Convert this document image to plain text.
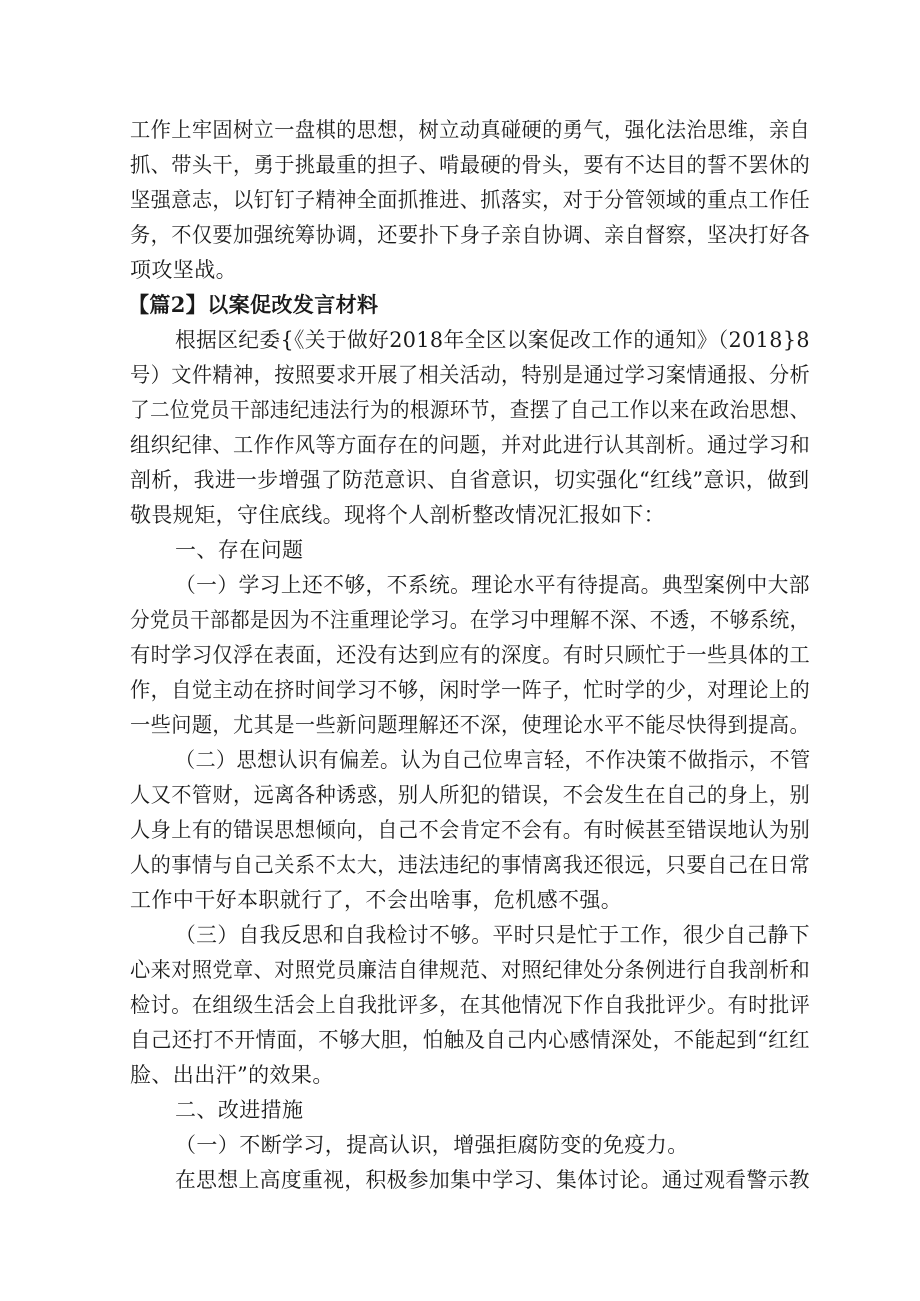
工作上牢固树立一盘棋的思想，树立动真碰硬的勇气，强化法治思维，亲自
抓、带头干，勇于挑最重的担子、啃最硬的骨头，要有不达目的誓不罢休的
坚强意志，以钉钉子精神全面抓推进、抓落实，对于分管领域的重点工作任
务，不仅要加强统筹协调，还要扑下身子亲自协调、亲自督察，坚决打好各
项攻坚战。
【篇2】以案促改发言材料
根据区纪委{《关于做好2018年全区以案促改工作的通知》（2018}8
号）文件精神，按照要求开展了相关活动，特别是通过学习案情通报、分析
了二位党员干部违纪违法行为的根源环节，查摆了自己工作以来在政治思想、
组织纪律、工作作风等方面存在的问题，并对此进行认其剖析。通过学习和
剖析，我进一步增强了防范意识、自省意识，切实强化“红线”意识，做到
敬畏规矩，守住底线。现将个人剖析整改情况汇报如下：
一、存在问题
（一）学习上还不够，不系统。理论水平有待提高。典型案例中大部
分党员干部都是因为不注重理论学习。在学习中理解不深、不透，不够系统，
有时学习仅浮在表面，还没有达到应有的深度。有时只顾忙于一些具体的工
作，自觉主动在挤时间学习不够，闲时学一阵子，忙时学的少，对理论上的
一些问题，尤其是一些新问题理解还不深，使理论水平不能尽快得到提高。
（二）思想认识有偏差。认为自己位卑言轻，不作决策不做指示，不管
人又不管财，远离各种诱惑，别人所犯的错误，不会发生在自己的身上，别
人身上有的错误思想倾向，自己不会肯定不会有。有时候甚至错误地认为别
人的事情与自己关系不太大，违法违纪的事情离我还很远，只要自己在日常
工作中干好本职就行了，不会出啥事，危机感不强。
（三）自我反思和自我检讨不够。平时只是忙于工作，很少自己静下
心来对照党章、对照党员廉洁自律规范、对照纪律处分条例进行自我剖析和
检讨。在组级生活会上自我批评多，在其他情况下作自我批评少。有时批评
自己还打不开情面，不够大胆，怕触及自己内心感情深处，不能起到“红红
脸、出出汗”的效果。
二、改进措施
（一）不断学习，提高认识，增强拒腐防变的免疫力。
在思想上高度重视，积极参加集中学习、集体讨论。通过观看警示教
